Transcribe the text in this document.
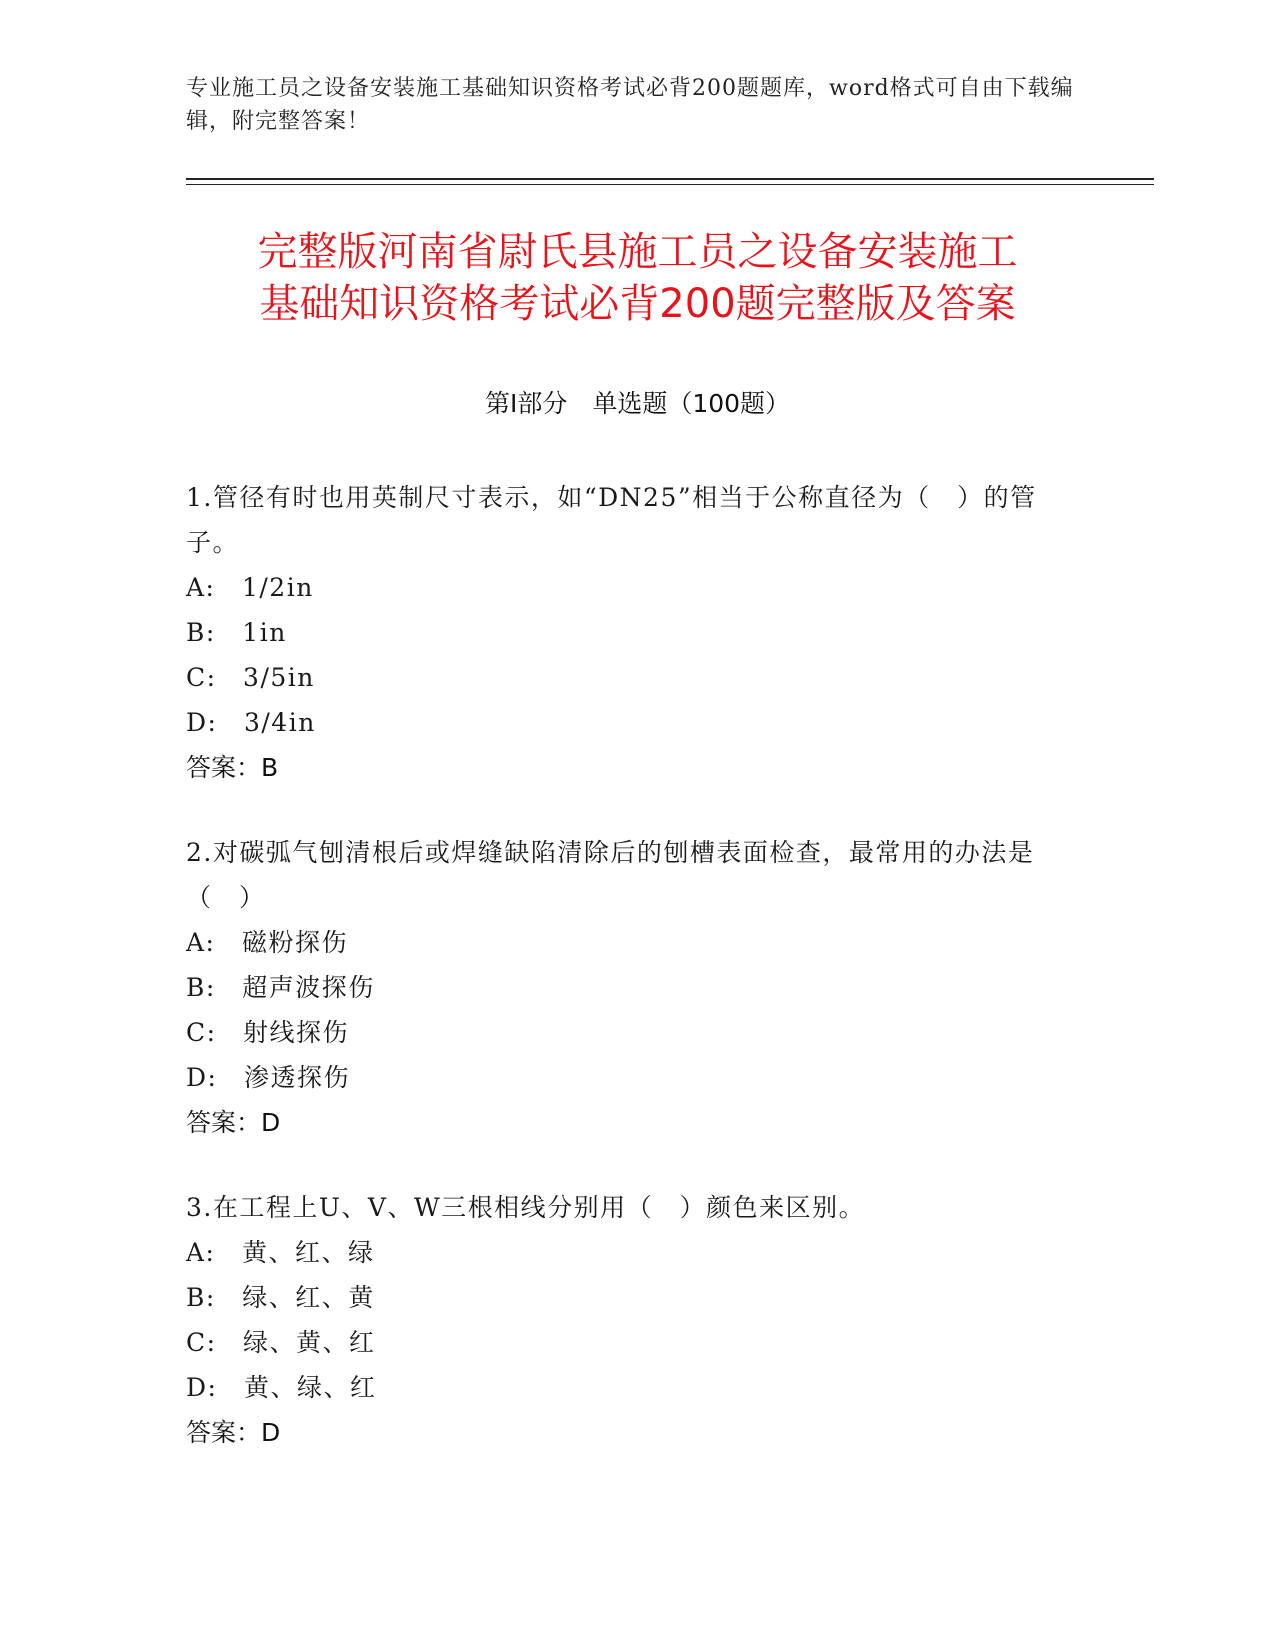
专业施工员之设备安装施工基础知识资格考试必背200题题库，word格式可自由下载编辑，附完整答案！
完整版河南省尉氏县施工员之设备安装施工
基础知识资格考试必背200题完整版及答案
第Ⅰ部分　单选题（100题）
1.管径有时也用英制尺寸表示，如“DN25”相当于公称直径为（　）的管子。
A:　1/2in
B:　1in
C:　3/5in
D:　3/4in
答案：B
2.对碳弧气刨清根后或焊缝缺陷清除后的刨槽表面检查，最常用的办法是（　）
A:　磁粉探伤
B:　超声波探伤
C:　射线探伤
D:　渗透探伤
答案：D
3.在工程上U、V、W三根相线分别用（　）颜色来区别。
A:　黄、红、绿
B:　绿、红、黄
C:　绿、黄、红
D:　黄、绿、红
答案：D
